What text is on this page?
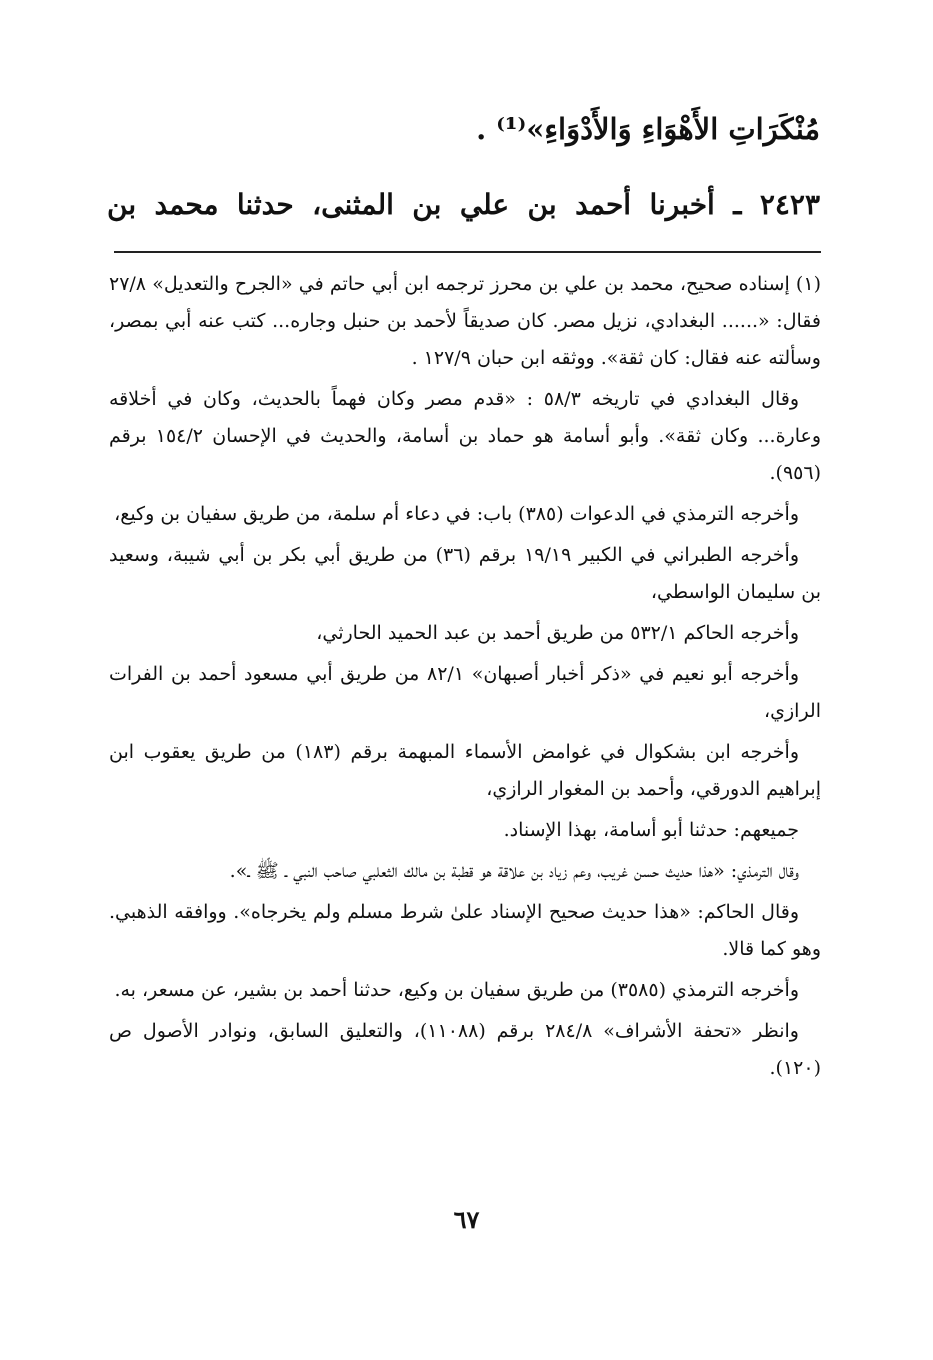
مُنْكَرَاتِ الأَهْوَاءِ وَالأَدْوَاءِ»⁽¹⁾ .
٢٤٢٣ ـ أخبرنا أحمد بن علي بن المثنى، حدثنا محمد بن

(١) إسناده صحيح، محمد بن علي بن محرز ترجمه ابن أبي حاتم في «الجرح والتعديل» ٢٧/٨ فقال: «...... البغدادي، نزيل مصر. كان صديقاً لأحمد بن حنبل وجاره... كتب عنه أبي بمصر، وسألته عنه فقال: كان ثقة». ووثقه ابن حبان ١٢٧/٩ .

وقال البغدادي في تاريخه ٥٨/٣ : «قدم مصر وكان فهماً بالحديث، وكان في أخلاقه وعارة... وكان ثقة». وأبو أسامة هو حماد بن أسامة، والحديث في الإحسان ١٥٤/٢ برقم (٩٥٦).

وأخرجه الترمذي في الدعوات (٣٨٥) باب: في دعاء أم سلمة، من طريق سفيان بن وكيع،

وأخرجه الطبراني في الكبير ١٩/١٩ برقم (٣٦) من طريق أبي بكر بن أبي شيبة، وسعيد بن سليمان الواسطي،

وأخرجه الحاكم ٥٣٢/١ من طريق أحمد بن عبد الحميد الحارثي،

وأخرجه أبو نعيم في «ذكر أخبار أصبهان» ٨٢/١ من طريق أبي مسعود أحمد بن الفرات الرازي،

وأخرجه ابن بشكوال في غوامض الأسماء المبهمة برقم (١٨٣) من طريق يعقوب ابن إبراهيم الدورقي، وأحمد بن المغوار الرازي،

جميعهم: حدثنا أبو أسامة، بهذا الإسناد.

وقال الترمذي: «هذا حديث حسن غريب، وعم زياد بن علاقة هو قطبة بن مالك الثعلبي صاحب النبي ـ ﷺ ـ».

وقال الحاكم: «هذا حديث صحيح الإسناد علىٰ شرط مسلم ولم يخرجاه». ووافقه الذهبي. وهو كما قالا.

وأخرجه الترمذي (٣٥٨٥) من طريق سفيان بن وكيع، حدثنا أحمد بن بشير، عن مسعر، به.

وانظر «تحفة الأشراف» ٢٨٤/٨ برقم (١١٠٨٨)، والتعليق السابق، ونوادر الأصول ص (١٢٠).

٦٧
